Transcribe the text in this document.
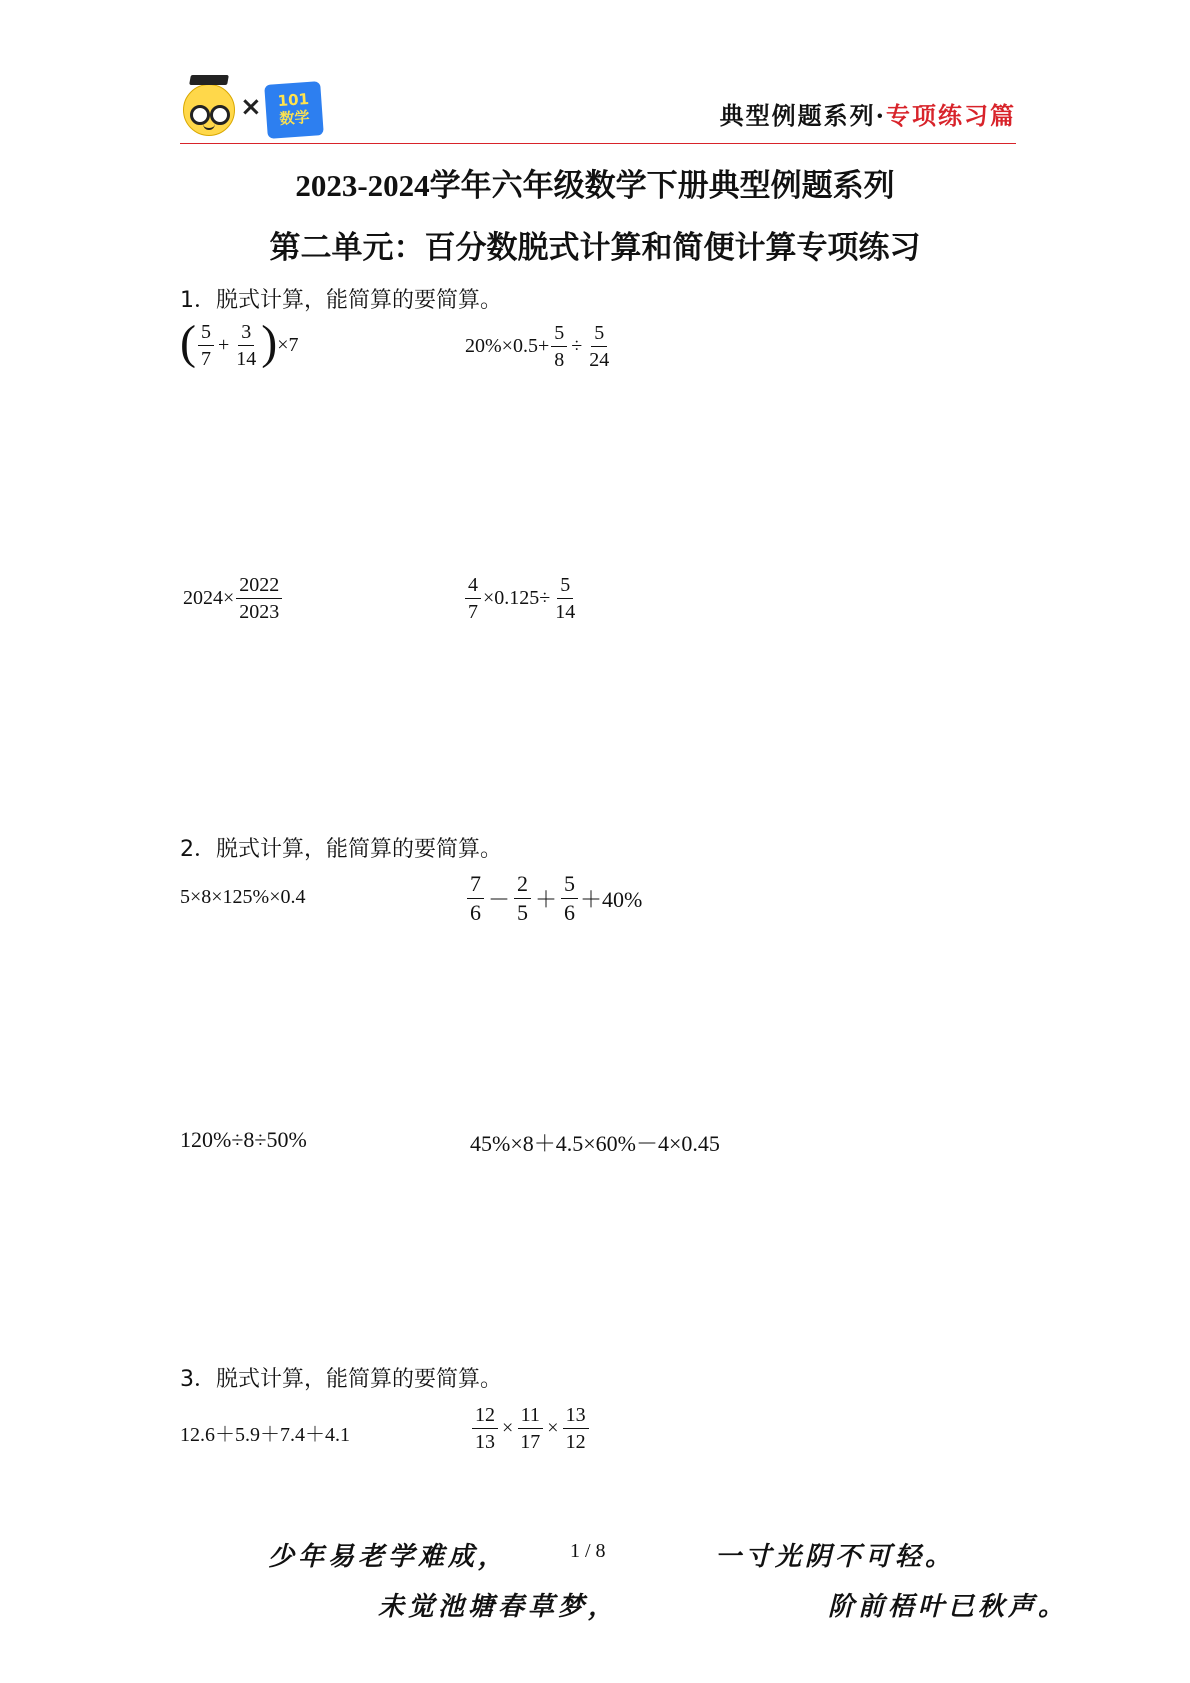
×	101
数学	典型例题系列·专项练习篇
2023-2024学年六年级数学下册典型例题系列
第二单元：百分数脱式计算和简便计算专项练习
1．脱式计算，能简算的要简算。
( $\frac{5}{7} + \frac{3}{14}$ ) ×7	$20\%\times 0.5+ \frac{5}{8} \div \frac{5}{24}$
$2024\times \frac{2022}{2023}$	$\frac{4}{7} \times 0.125\div \frac{5}{14}$
2．脱式计算，能简算的要简算。
5×8×125%×0.4	$\frac{7}{6} - \frac{2}{5} + \frac{5}{6} +40\%$
120%÷8÷50%	45%×8＋4.5×60%－4×0.45
3．脱式计算，能简算的要简算。
12.6＋5.9＋7.4＋4.1	$\frac{12}{13} \times \frac{11}{17} \times \frac{13}{12}$
少年易老学难成，	1 / 8	一寸光阴不可轻。
未觉池塘春草梦，	阶前梧叶已秋声。
